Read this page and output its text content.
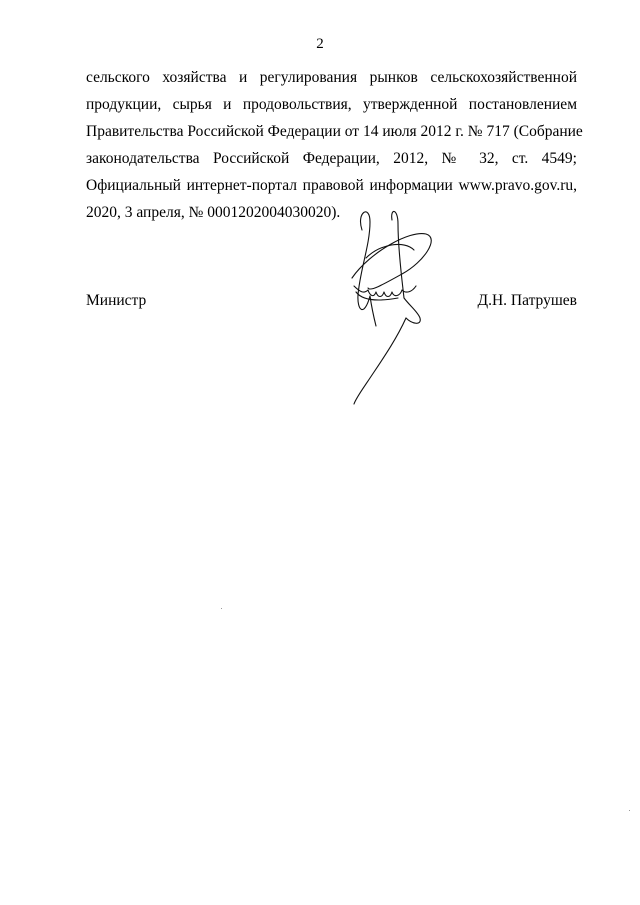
2
сельского хозяйства и регулирования рынков сельскохозяйственной
продукции, сырья и продовольствия, утвержденной постановлением
Правительства Российской Федерации от 14 июля 2012 г. № 717 (Собрание
законодательства Российской Федерации, 2012, № 32, ст. 4549;
Официальный интернет-портал правовой информации www.pravo.gov.ru,
2020, 3 апреля, № 0001202004030020).
Министр	Д.Н. Патрушев
